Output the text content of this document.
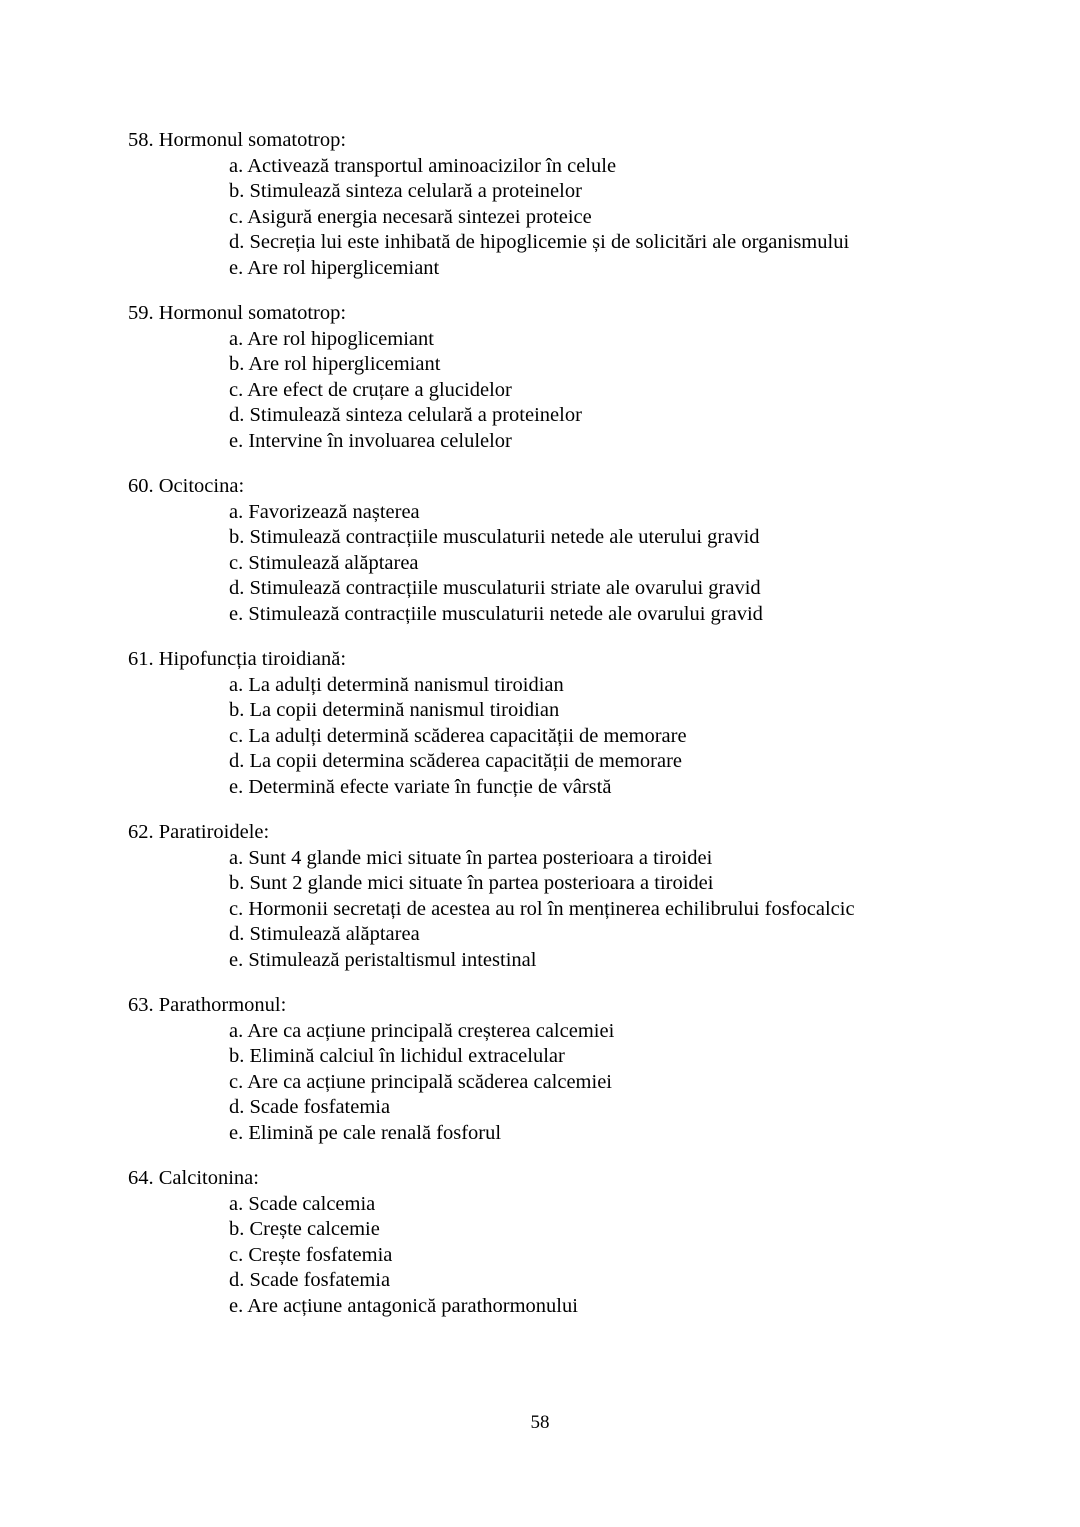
58. Hormonul somatotrop:

a. Activează transportul aminoacizilor în celule

b. Stimulează sinteza celulară a proteinelor

c. Asigură energia necesară sintezei proteice

d. Secreția lui este inhibată de hipoglicemie și de solicitări ale organismului

e. Are rol hiperglicemiant

59. Hormonul somatotrop:

a. Are rol hipoglicemiant

b. Are rol hiperglicemiant

c. Are efect de cruțare a glucidelor

d. Stimulează sinteza celulară a proteinelor

e. Intervine în involuarea celulelor

60. Ocitocina:

a. Favorizează nașterea

b. Stimulează contracțiile musculaturii netede ale uterului gravid

c. Stimulează alăptarea

d. Stimulează contracțiile musculaturii striate ale ovarului gravid

e. Stimulează contracțiile musculaturii netede ale ovarului gravid

61. Hipofuncția tiroidiană:

a. La adulți determină nanismul tiroidian

b. La copii determină nanismul tiroidian

c. La adulți determină scăderea capacității de memorare

d. La copii determina scăderea capacității de memorare

e. Determină efecte variate în funcție de vârstă

62. Paratiroidele:

a. Sunt 4 glande mici situate în partea posterioara a tiroidei

b. Sunt 2 glande mici situate în partea posterioara a tiroidei

c. Hormonii secretați de acestea au rol în menținerea echilibrului fosfocalcic

d. Stimulează alăptarea

e. Stimulează peristaltismul intestinal

63. Parathormonul:

a. Are ca acțiune principală creșterea calcemiei

b. Elimină calciul în lichidul extracelular

c. Are ca acțiune principală scăderea calcemiei

d. Scade fosfatemia

e. Elimină pe cale renală fosforul

64. Calcitonina:

a. Scade calcemia

b. Crește calcemie

c. Crește fosfatemia

d. Scade fosfatemia

e. Are acțiune antagonică parathormonului

58
